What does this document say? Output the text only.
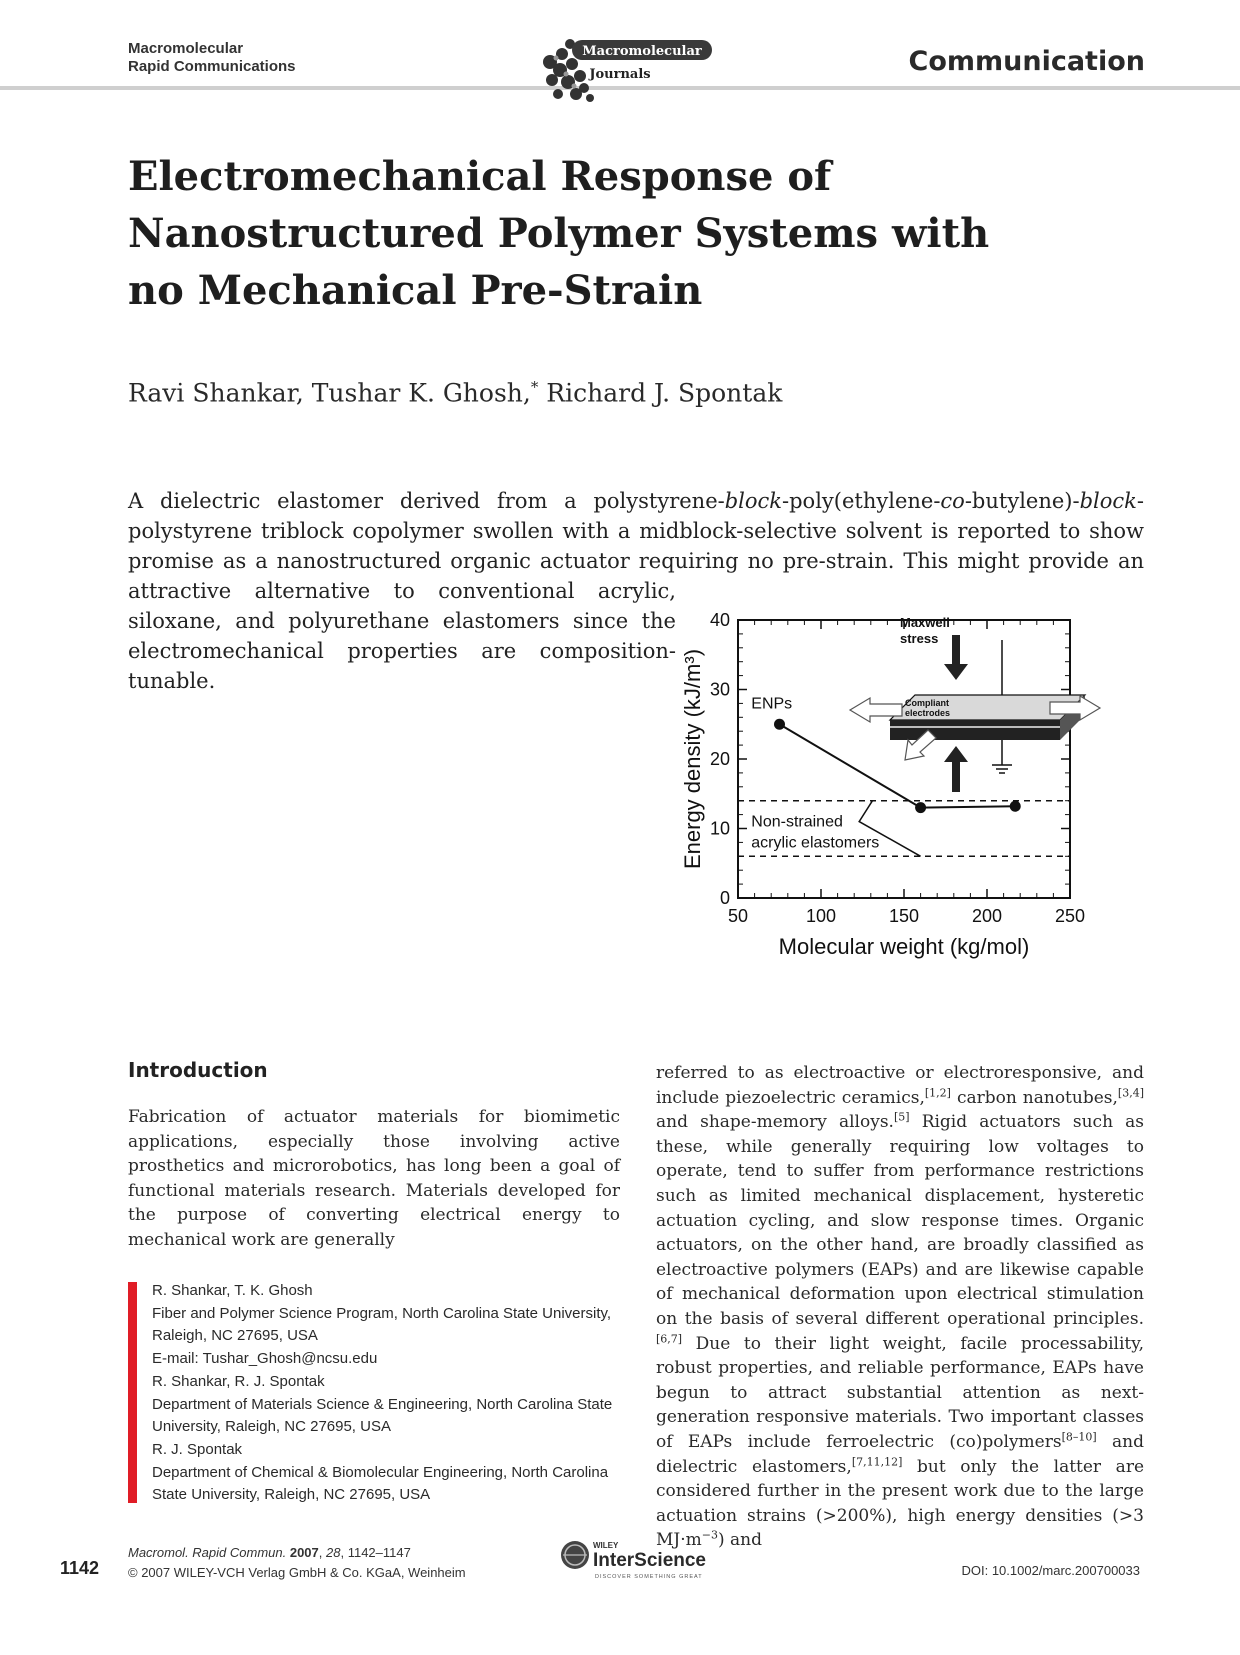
Macromolecular
Rapid Communications
Macromolecular
Journals	Communication
Electromechanical Response of Nanostructured Polymer Systems with no Mechanical Pre-Strain
Ravi Shankar, Tushar K. Ghosh,* Richard J. Spontak
A dielectric elastomer derived from a polystyrene-block-poly(ethylene-co-butylene)-block-polystyrene triblock copolymer swollen with a midblock-selective solvent is reported to show promise as a nanostructured organic actuator requiring no pre-strain. This might provide an
attractive alternative to conventional acrylic, siloxane, and polyurethane elastomers since the electromechanical properties are composition-tunable.
50	100	150	200	250
0
10
20
30
40	Maxwell
stress
Compliant
electrodes
ENPs
Non-strained
acrylic elastomers
Molecular weight (kg/mol)
Energy density (kJ/m³)
Introduction
Fabrication of actuator materials for biomimetic applications, especially those involving active prosthetics and microrobotics, has long been a goal of functional materials research. Materials developed for the purpose of converting electrical energy to mechanical work are generally
referred to as electroactive or electroresponsive, and include piezoelectric ceramics,[1,2] carbon nanotubes,[3,4] and shape-memory alloys.[5] Rigid actuators such as these, while generally requiring low voltages to operate, tend to suffer from performance restrictions such as limited mechanical displacement, hysteretic actuation cycling, and slow response times. Organic actuators, on the other hand, are broadly classified as electroactive polymers (EAPs) and are likewise capable of mechanical deformation upon electrical stimulation on the basis of several different operational principles.[6,7] Due to their light weight, facile processability, robust properties, and reliable performance, EAPs have begun to attract substantial attention as next-generation responsive materials. Two important classes of EAPs include ferroelectric (co)polymers[8–10] and dielectric elastomers,[7,11,12] but only the latter are considered further in the present work due to the large actuation strains (>200%), high energy densities (>3 $MJ\cdot m^{-3}$) and
R. Shankar, T. K. Ghosh
Fiber and Polymer Science Program, North Carolina State University, Raleigh, NC 27695, USA
E-mail: Tushar_Ghosh@ncsu.edu
R. Shankar, R. J. Spontak
Department of Materials Science & Engineering, North Carolina State University, Raleigh, NC 27695, USA
R. J. Spontak
Department of Chemical & Biomolecular Engineering, North Carolina State University, Raleigh, NC 27695, USA
1142
Macromol. Rapid Commun. 2007, 28, 1142–1147
© 2007 WILEY-VCH Verlag GmbH & Co. KGaA, Weinheim
WILEY
InterScience
DISCOVER SOMETHING GREAT	DOI: 10.1002/marc.200700033
